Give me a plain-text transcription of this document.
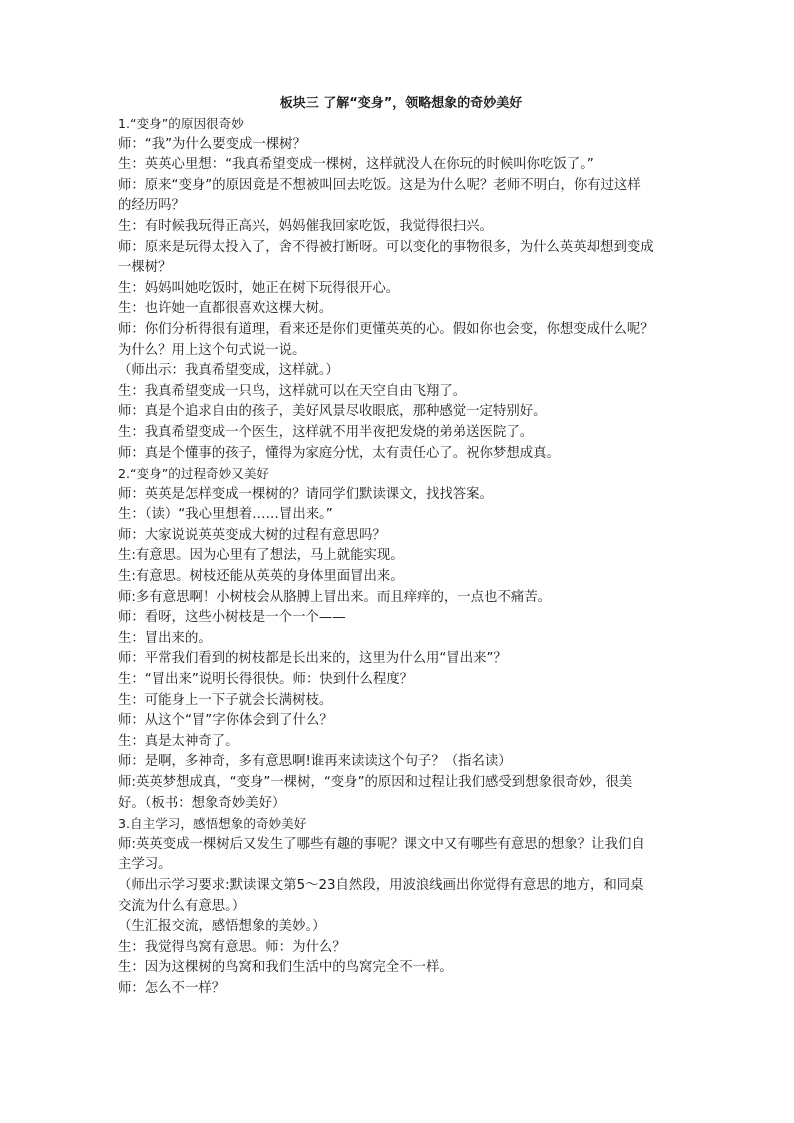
板块三 了解“变身”，领略想象的奇妙美好

1.“变身”的原因很奇妙

师：“我”为什么要变成一棵树？

生：英英心里想：“我真希望变成一棵树，这样就没人在你玩的时候叫你吃饭了。”

师：原来“变身”的原因竟是不想被叫回去吃饭。这是为什么呢？老师不明白，你有过这样

的经历吗？

生：有时候我玩得正高兴，妈妈催我回家吃饭，我觉得很扫兴。

师：原来是玩得太投入了，舍不得被打断呀。可以变化的事物很多，为什么英英却想到变成

一棵树？

生：妈妈叫她吃饭时，她正在树下玩得很开心。

生：也许她一直都很喜欢这棵大树。

师：你们分析得很有道理，看来还是你们更懂英英的心。假如你也会变，你想变成什么呢？

为什么？用上这个句式说一说。

（师出示：我真希望变成，这样就。）

生：我真希望变成一只鸟，这样就可以在天空自由飞翔了。

师：真是个追求自由的孩子，美好风景尽收眼底，那种感觉一定特别好。

生：我真希望变成一个医生，这样就不用半夜把发烧的弟弟送医院了。

师：真是个懂事的孩子，懂得为家庭分忧，太有责任心了。祝你梦想成真。

2.“变身”的过程奇妙又美好

师：英英是怎样变成一棵树的？请同学们默读课文，找找答案。

生：（读）“我心里想着……冒出来。”

师：大家说说英英变成大树的过程有意思吗？

生:有意思。因为心里有了想法，马上就能实现。

生:有意思。树枝还能从英英的身体里面冒出来。

师:多有意思啊！小树枝会从胳膊上冒出来。而且痒痒的，一点也不痛苦。

师：看呀，这些小树枝是一个一个——

生：冒出来的。

师：平常我们看到的树枝都是长出来的，这里为什么用“冒出来”？

生：“冒出来”说明长得很快。师：快到什么程度？

生：可能身上一下子就会长满树枝。

师：从这个“冒”字你体会到了什么？

生：真是太神奇了。

师：是啊，多神奇，多有意思啊!谁再来读读这个句子？（指名读）

师:英英梦想成真，“变身”一棵树，“变身”的原因和过程让我们感受到想象很奇妙，很美

好。（板书：想象奇妙美好）

3.自主学习，感悟想象的奇妙美好

师:英英变成一棵树后又发生了哪些有趣的事呢？课文中又有哪些有意思的想象？让我们自

主学习。

（师出示学习要求:默读课文第5～23自然段，用波浪线画出你觉得有意思的地方，和同桌

交流为什么有意思。）

（生汇报交流，感悟想象的美妙。）

生：我觉得鸟窝有意思。师：为什么？

生：因为这棵树的鸟窝和我们生活中的鸟窝完全不一样。

师：怎么不一样？
